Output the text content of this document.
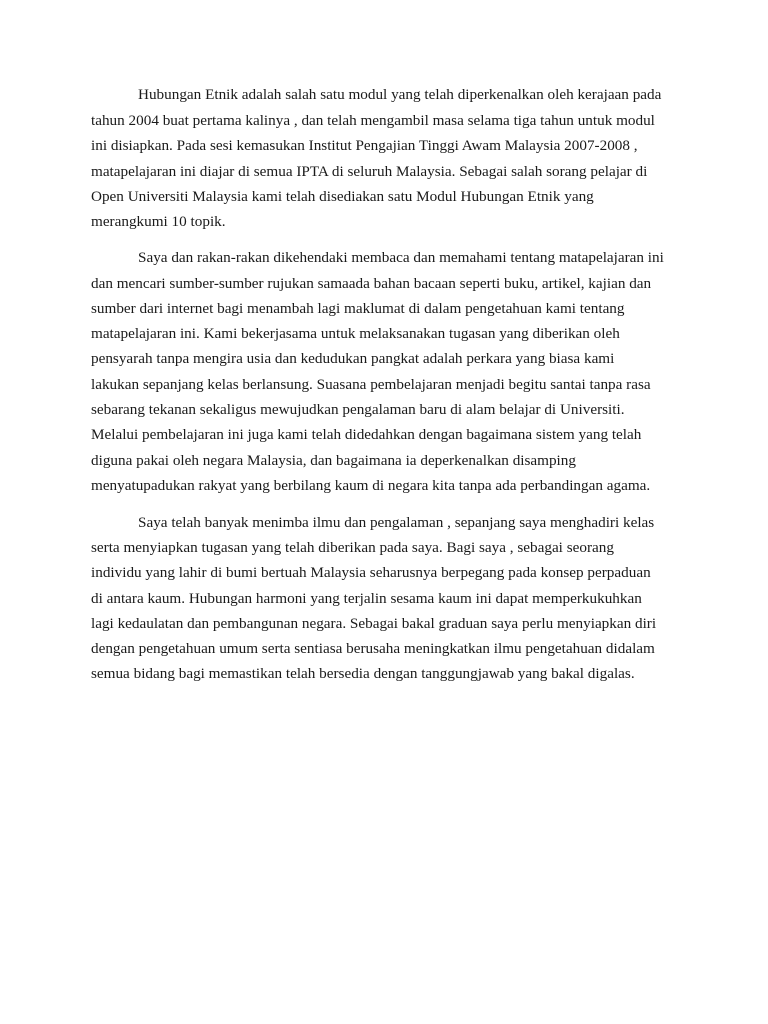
Hubungan Etnik adalah salah satu modul yang telah diperkenalkan oleh kerajaan pada

tahun 2004 buat pertama kalinya , dan telah mengambil masa selama tiga tahun untuk modul

ini disiapkan. Pada sesi kemasukan Institut Pengajian Tinggi Awam Malaysia 2007-2008 ,

matapelajaran ini diajar di semua IPTA di seluruh Malaysia. Sebagai salah sorang pelajar di

Open Universiti Malaysia kami telah disediakan satu Modul Hubungan Etnik yang

merangkumi 10 topik.

Saya dan rakan-rakan dikehendaki membaca dan memahami tentang matapelajaran ini

dan mencari sumber-sumber rujukan samaada bahan bacaan seperti buku, artikel, kajian dan

sumber dari internet bagi menambah lagi maklumat di dalam pengetahuan kami tentang

matapelajaran ini. Kami bekerjasama untuk melaksanakan tugasan yang diberikan oleh

pensyarah tanpa mengira usia dan kedudukan pangkat adalah perkara yang biasa kami

lakukan sepanjang kelas berlansung. Suasana pembelajaran menjadi begitu santai tanpa rasa

sebarang tekanan sekaligus mewujudkan pengalaman baru di alam belajar di Universiti.

Melalui pembelajaran ini juga kami telah didedahkan dengan bagaimana sistem yang telah

diguna pakai oleh negara Malaysia, dan bagaimana ia deperkenalkan disamping

menyatupadukan rakyat yang berbilang kaum di negara kita tanpa ada perbandingan agama.

Saya telah banyak menimba ilmu dan pengalaman , sepanjang saya menghadiri kelas

serta menyiapkan tugasan yang telah diberikan pada saya. Bagi saya , sebagai seorang

individu yang lahir di bumi bertuah Malaysia seharusnya berpegang pada konsep perpaduan

di antara kaum. Hubungan harmoni yang terjalin sesama kaum ini dapat memperkukuhkan

lagi kedaulatan dan pembangunan negara. Sebagai bakal graduan saya perlu menyiapkan diri

dengan pengetahuan umum serta sentiasa berusaha meningkatkan ilmu pengetahuan didalam

semua bidang bagi memastikan telah bersedia dengan tanggungjawab yang bakal digalas.
